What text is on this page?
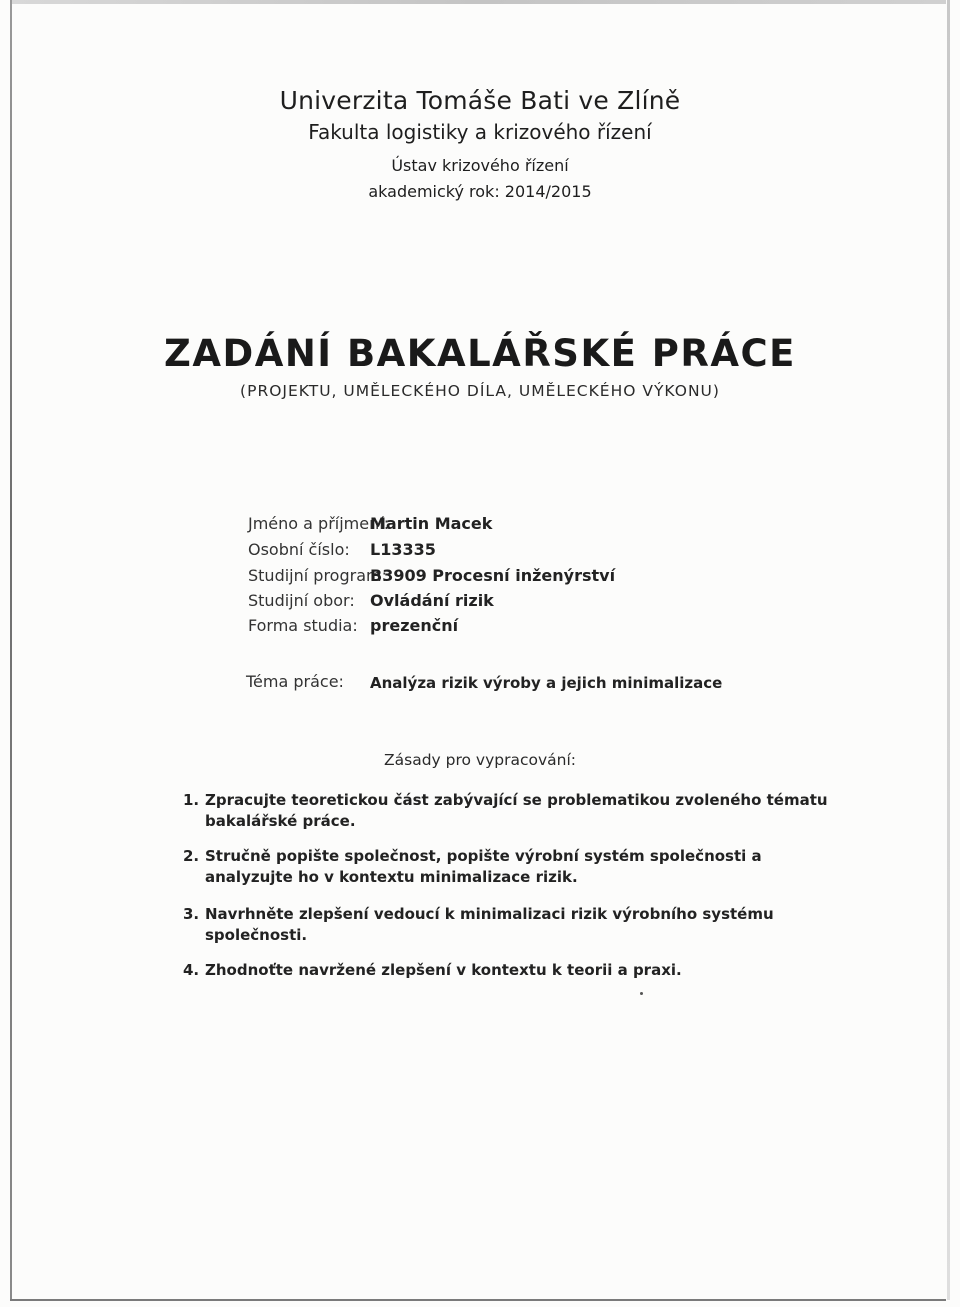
Univerzita Tomáše Bati ve Zlíně
Fakulta logistiky a krizového řízení
Ústav krizového řízení
akademický rok: 2014/2015
ZADÁNÍ BAKALÁŘSKÉ PRÁCE
(PROJEKTU, UMĚLECKÉHO DÍLA, UMĚLECKÉHO VÝKONU)
Jméno a příjmení:
Martin Macek
Osobní číslo: L13335
Studijní program:
B3909 Procesní inženýrství
Studijní obor: Ovládání rizik
Forma studia: prezenční
Téma práce: Analýza rizik výroby a jejich minimalizace
Zásady pro vypracování:
1. Zpracujte teoretickou část zabývající se problematikou zvoleného tématu bakalářské práce.
2. Stručně popište společnost, popište výrobní systém společnosti a analyzujte ho v kontextu minimalizace rizik.
3. Navrhněte zlepšení vedoucí k minimalizaci rizik výrobního systému společnosti.
4. Zhodnoťte navržené zlepšení v kontextu k teorii a praxi.
